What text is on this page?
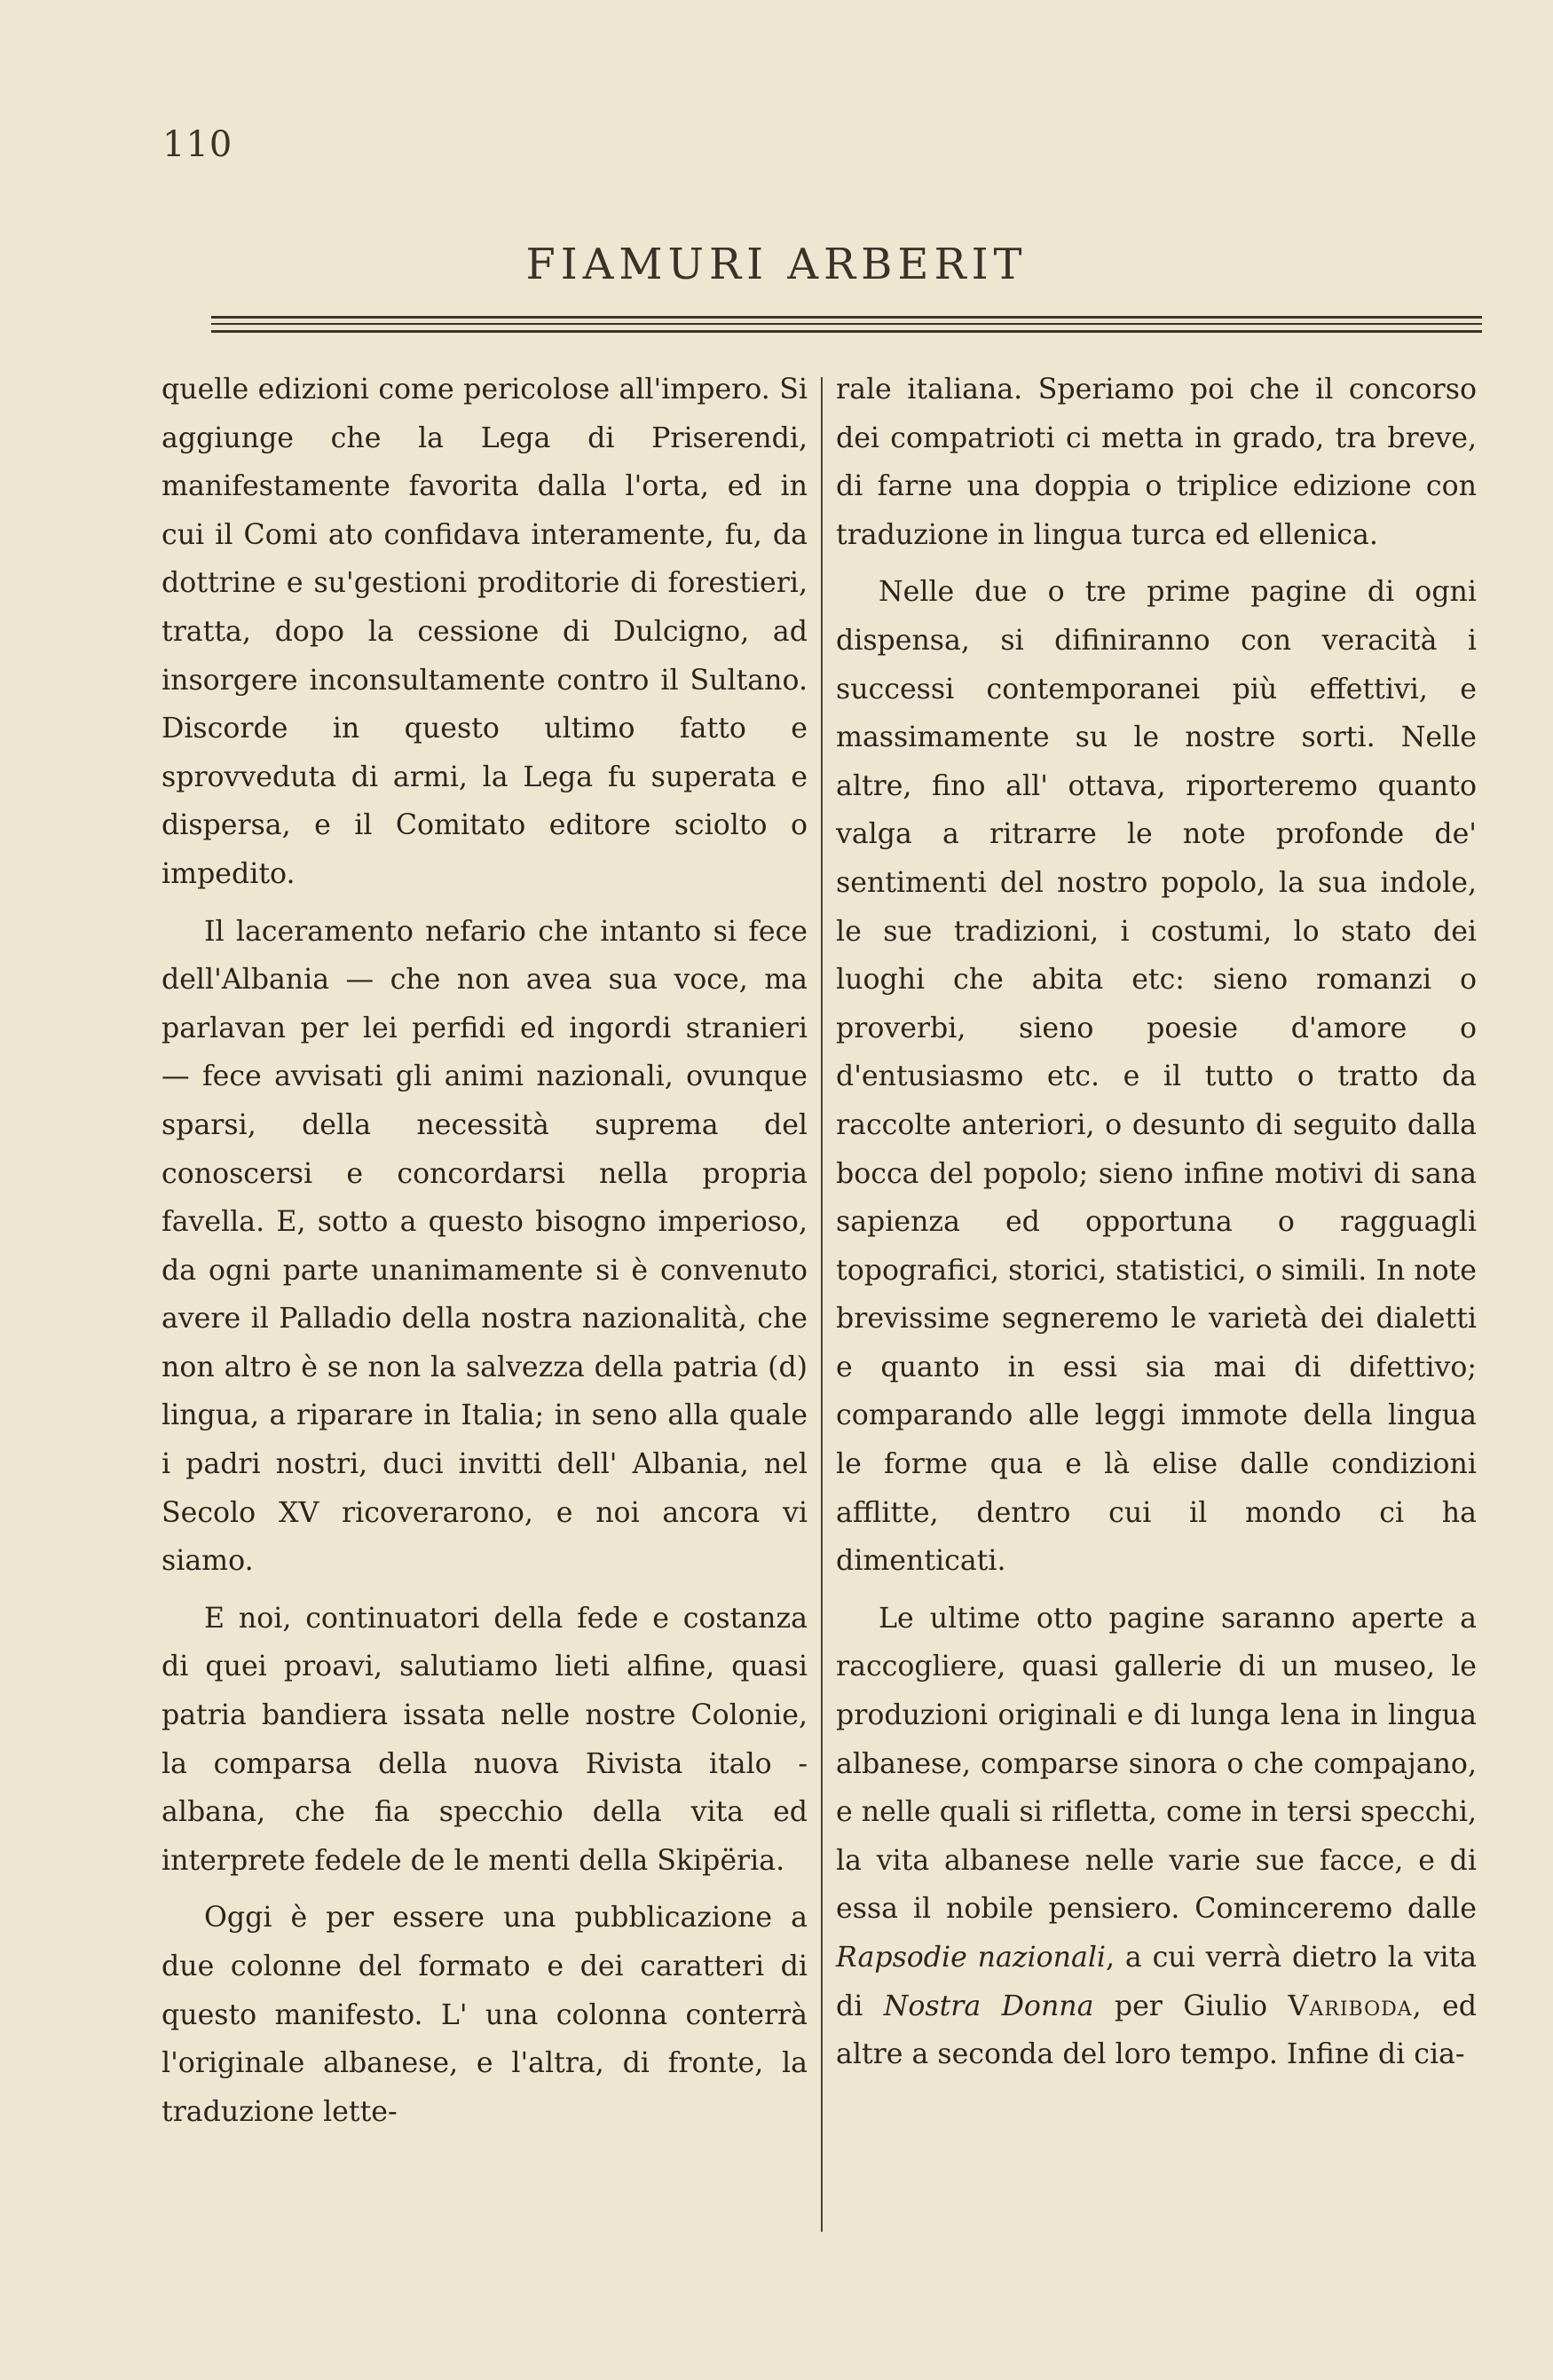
110
FIAMURI ARBERIT

quelle edizioni come pericolose all'impero. Si aggiunge che la Lega di Priserendi, manifestamente favorita dalla l'orta, ed in cui il Comi ato confidava interamente, fu, da dottrine e su'gestioni proditorie di forestieri, tratta, dopo la cessione di Dulcigno, ad insorgere inconsultamente contro il Sultano. Discorde in questo ultimo fatto e sprovveduta di armi, la Lega fu superata e dispersa, e il Comitato editore sciolto o impedito.

Il laceramento nefario che intanto si fece dell'Albania — che non avea sua voce, ma parlavan per lei perfidi ed ingordi stranieri — fece avvisati gli animi nazionali, ovunque sparsi, della necessità suprema del conoscersi e concordarsi nella propria favella. E, sotto a questo bisogno imperioso, da ogni parte unanimamente si è convenuto avere il Palladio della nostra nazionalità, che non altro è se non la salvezza della patria (d) lingua, a riparare in Italia; in seno alla quale i padri nostri, duci invitti dell' Albania, nel Secolo XV ricoverarono, e noi ancora vi siamo.

E noi, continuatori della fede e costanza di quei proavi, salutiamo lieti alfine, quasi patria bandiera issata nelle nostre Colonie, la comparsa della nuova Rivista italo - albana, che fia specchio della vita ed interprete fedele de le menti della Skipëria.

Oggi è per essere una pubblicazione a due colonne del formato e dei caratteri di questo manifesto. L' una colonna conterrà l'originale albanese, e l'altra, di fronte, la traduzione lette-

rale italiana. Speriamo poi che il concorso dei compatrioti ci metta in grado, tra breve, di farne una doppia o triplice edizione con traduzione in lingua turca ed ellenica.

Nelle due o tre prime pagine di ogni dispensa, si difiniranno con veracità i successi contemporanei più effettivi, e massimamente su le nostre sorti. Nelle altre, fino all' ottava, riporteremo quanto valga a ritrarre le note profonde de' sentimenti del nostro popolo, la sua indole, le sue tradizioni, i costumi, lo stato dei luoghi che abita etc: sieno romanzi o proverbi, sieno poesie d'amore o d'entusiasmo etc. e il tutto o tratto da raccolte anteriori, o desunto di seguito dalla bocca del popolo; sieno infine motivi di sana sapienza ed opportuna o ragguagli topografici, storici, statistici, o simili. In note brevissime segneremo le varietà dei dialetti e quanto in essi sia mai di difettivo; comparando alle leggi immote della lingua le forme qua e là elise dalle condizioni afflitte, dentro cui il mondo ci ha dimenticati.

Le ultime otto pagine saranno aperte a raccogliere, quasi gallerie di un museo, le produzioni originali e di lunga lena in lingua albanese, comparse sinora o che compajano, e nelle quali si rifletta, come in tersi specchi, la vita albanese nelle varie sue facce, e di essa il nobile pensiero. Cominceremo dalle Rapsodie nazionali, a cui verrà dietro la vita di Nostra Donna per Giulio Variboda, ed altre a seconda del loro tempo. Infine di cia-
